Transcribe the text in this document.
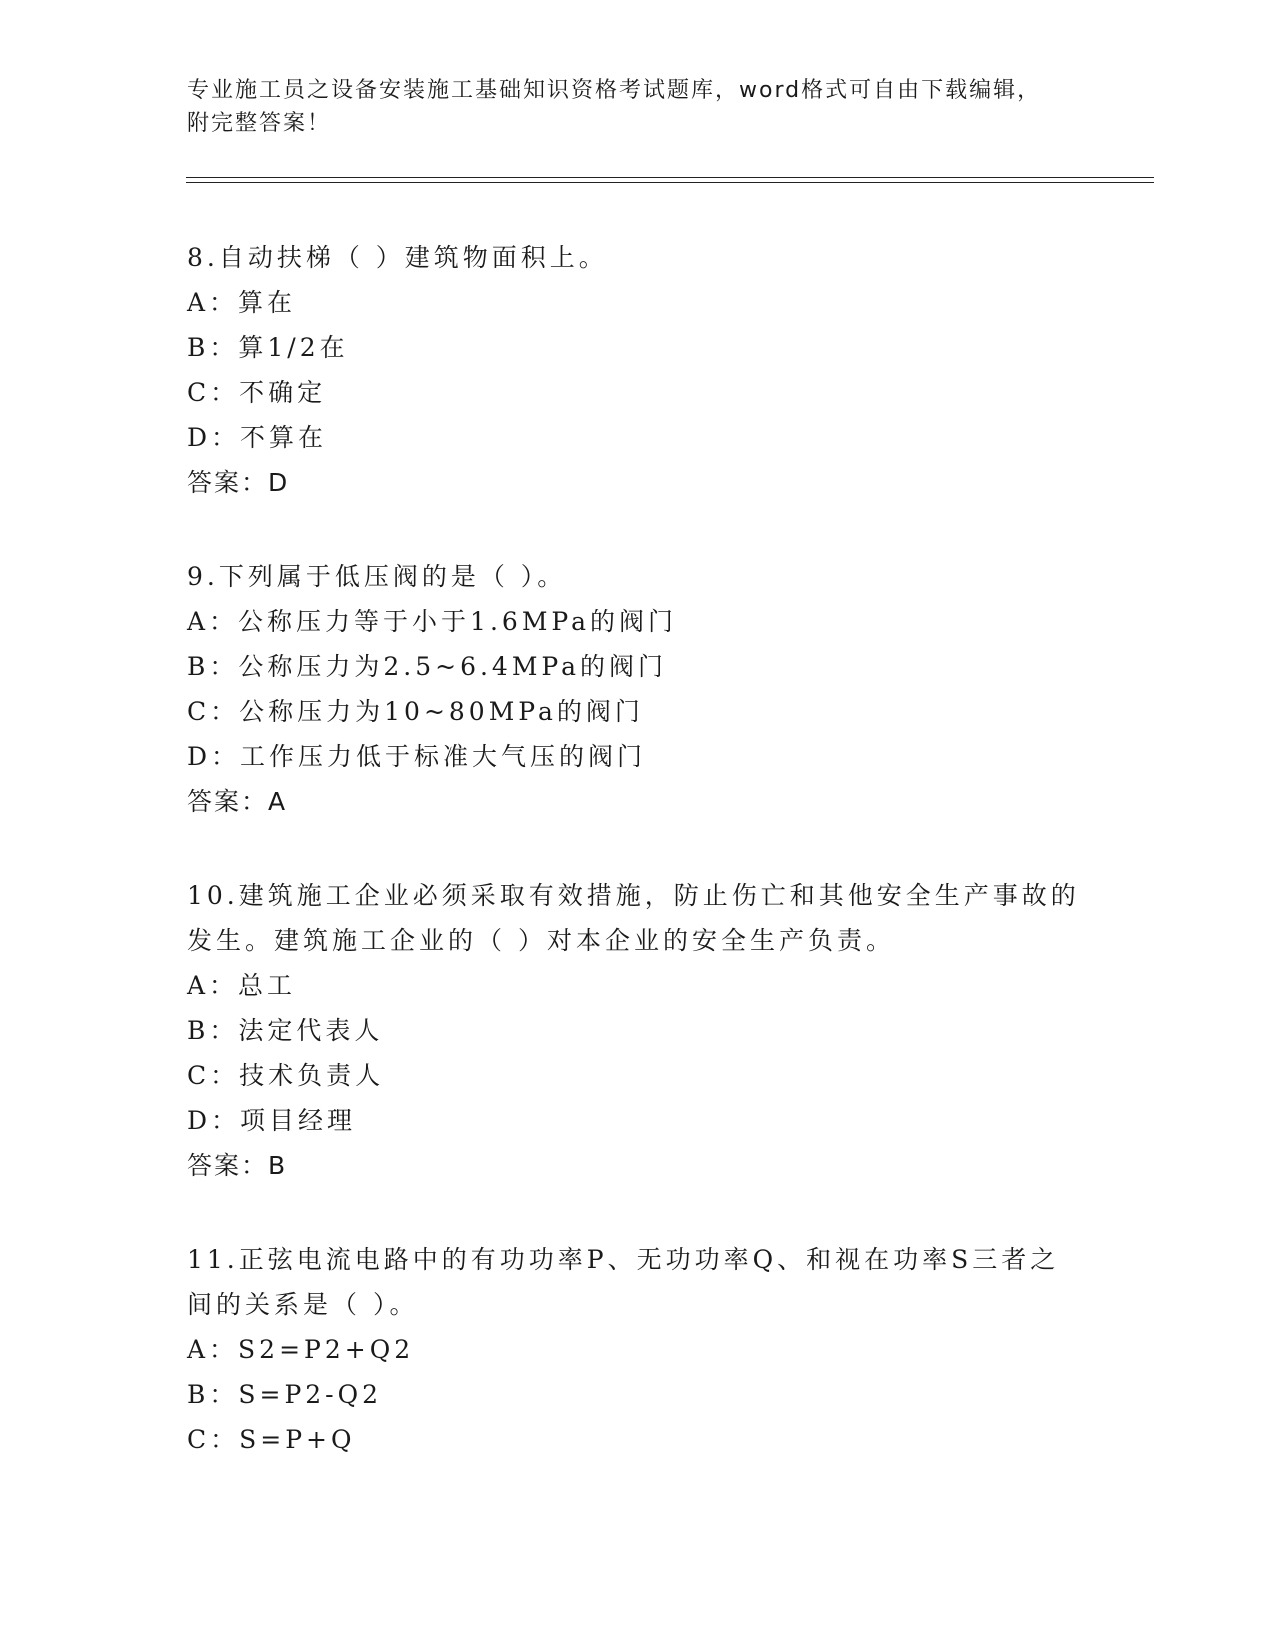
专业施工员之设备安装施工基础知识资格考试题库，word格式可自由下载编辑，
附完整答案！

8.自动扶梯（ ）建筑物面积上。

A：算在

B：算1/2在

C：不确定

D：不算在

答案：D

9.下列属于低压阀的是（ ）。

A：公称压力等于小于1.6MPa的阀门

B：公称压力为2.5~6.4MPa的阀门

C：公称压力为10~80MPa的阀门

D：工作压力低于标准大气压的阀门

答案：A

10.建筑施工企业必须采取有效措施，防止伤亡和其他安全生产事故的

发生。建筑施工企业的（ ）对本企业的安全生产负责。

A：总工

B：法定代表人

C：技术负责人

D：项目经理

答案：B

11.正弦电流电路中的有功功率P、无功功率Q、和视在功率S三者之

间的关系是（ ）。

A：S2=P2+Q2

B：S=P2-Q2

C：S=P+Q
